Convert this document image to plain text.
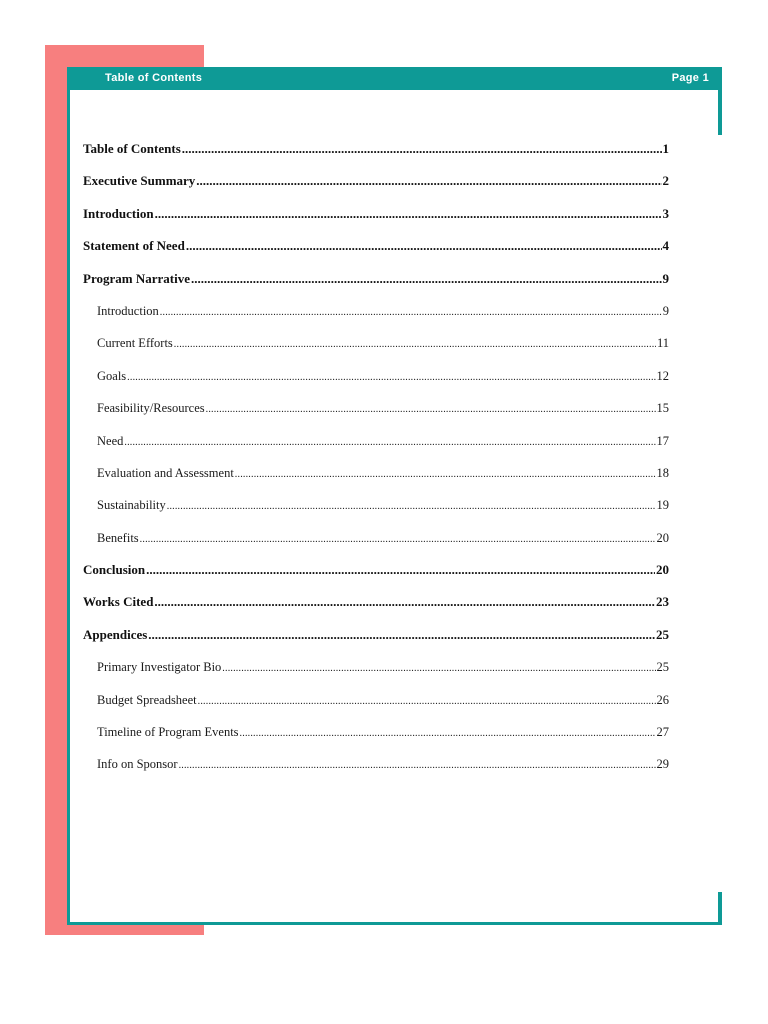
Table of Contents	Page 1
Table of Contents .....	1
Executive Summary .....	2
Introduction .....	3
Statement of Need .....	4
Program Narrative .....	9
Introduction .....	9
Current Efforts .....	11
Goals .....	12
Feasibility/Resources .....	15
Need .....	17
Evaluation and Assessment .....	18
Sustainability .....	19
Benefits .....	20
Conclusion .....	20
Works Cited .....	23
Appendices .....	25
Primary Investigator Bio .....	25
Budget Spreadsheet .....	26
Timeline of Program Events .....	27
Info on Sponsor .....	29
